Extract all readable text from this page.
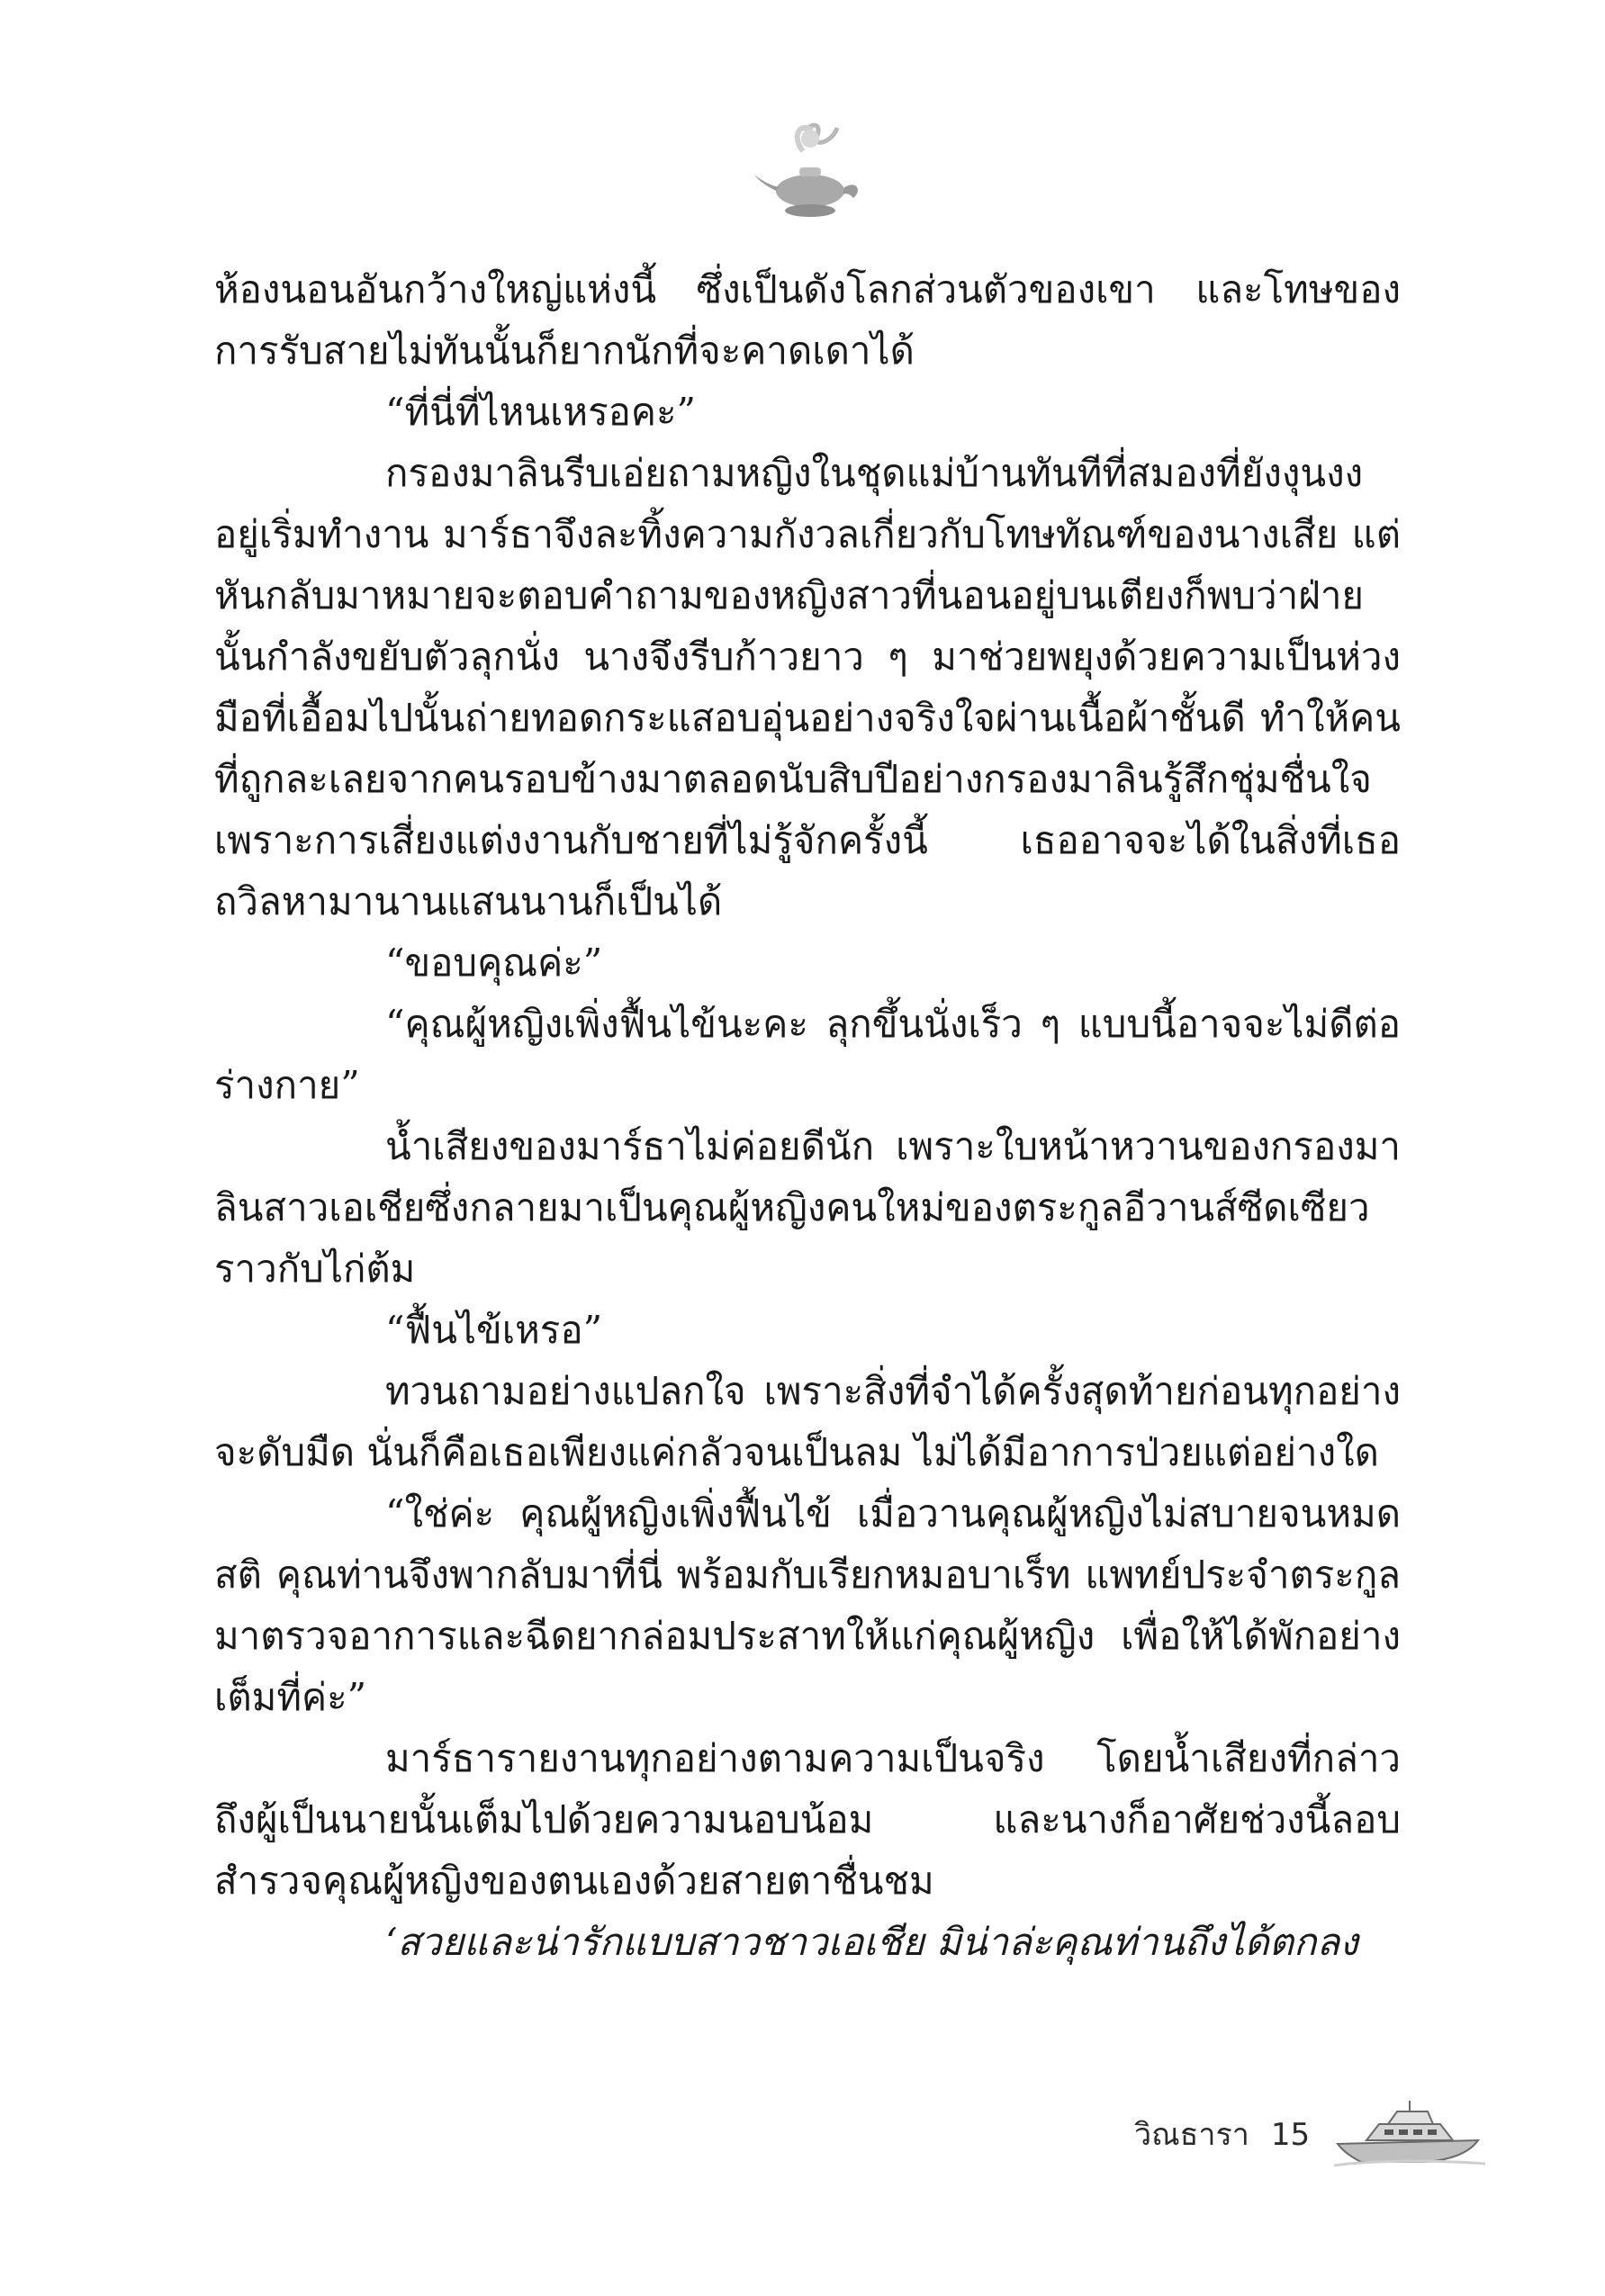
ห้องนอนอันกว้างใหญ่แห่งนี้ ซึ่งเป็นดังโลกส่วนตัวของเขา และโทษของการรับสายไม่ทันนั้นก็ยากนักที่จะคาดเดาได้

“ที่นี่ที่ไหนเหรอคะ”

กรองมาลินรีบเอ่ยถามหญิงในชุดแม่บ้านทันทีที่สมองที่ยังงุนงงอยู่เริ่มทำงาน มาร์ธาจึงละทิ้งความกังวลเกี่ยวกับโทษทัณฑ์ของนางเสีย แต่หันกลับมาหมายจะตอบคำถามของหญิงสาวที่นอนอยู่บนเตียงก็พบว่าฝ่ายนั้นกำลังขยับตัวลุกนั่ง นางจึงรีบก้าวยาว ๆ มาช่วยพยุงด้วยความเป็นห่วง มือที่เอื้อมไปนั้นถ่ายทอดกระแสอบอุ่นอย่างจริงใจผ่านเนื้อผ้าชั้นดี ทำให้คนที่ถูกละเลยจากคนรอบข้างมาตลอดนับสิบปีอย่างกรองมาลินรู้สึกชุ่มชื่นใจ เพราะการเสี่ยงแต่งงานกับชายที่ไม่รู้จักครั้งนี้ เธออาจจะได้ในสิ่งที่เธอถวิลหามานานแสนนานก็เป็นได้

“ขอบคุณค่ะ”

“คุณผู้หญิงเพิ่งฟื้นไข้นะคะ ลุกขึ้นนั่งเร็ว ๆ แบบนี้อาจจะไม่ดีต่อร่างกาย”

น้ำเสียงของมาร์ธาไม่ค่อยดีนัก เพราะใบหน้าหวานของกรองมาลินสาวเอเชียซึ่งกลายมาเป็นคุณผู้หญิงคนใหม่ของตระกูลอีวานส์ซีดเซียวราวกับไก่ต้ม

“ฟื้นไข้เหรอ”

ทวนถามอย่างแปลกใจ เพราะสิ่งที่จำได้ครั้งสุดท้ายก่อนทุกอย่างจะดับมืด นั่นก็คือเธอเพียงแค่กลัวจนเป็นลม ไม่ได้มีอาการป่วยแต่อย่างใด

“ใช่ค่ะ คุณผู้หญิงเพิ่งฟื้นไข้ เมื่อวานคุณผู้หญิงไม่สบายจนหมดสติ คุณท่านจึงพากลับมาที่นี่ พร้อมกับเรียกหมอบาเร็ท แพทย์ประจำตระกูลมาตรวจอาการและฉีดยากล่อมประสาทให้แก่คุณผู้หญิง เพื่อให้ได้พักอย่างเต็มที่ค่ะ”

มาร์ธารายงานทุกอย่างตามความเป็นจริง โดยน้ำเสียงที่กล่าวถึงผู้เป็นนายนั้นเต็มไปด้วยความนอบน้อม และนางก็อาศัยช่วงนี้ลอบสำรวจคุณผู้หญิงของตนเองด้วยสายตาชื่นชม

‘สวยและน่ารักแบบสาวชาวเอเชีย มิน่าล่ะคุณท่านถึงได้ตกลง

วิณธารา 15
